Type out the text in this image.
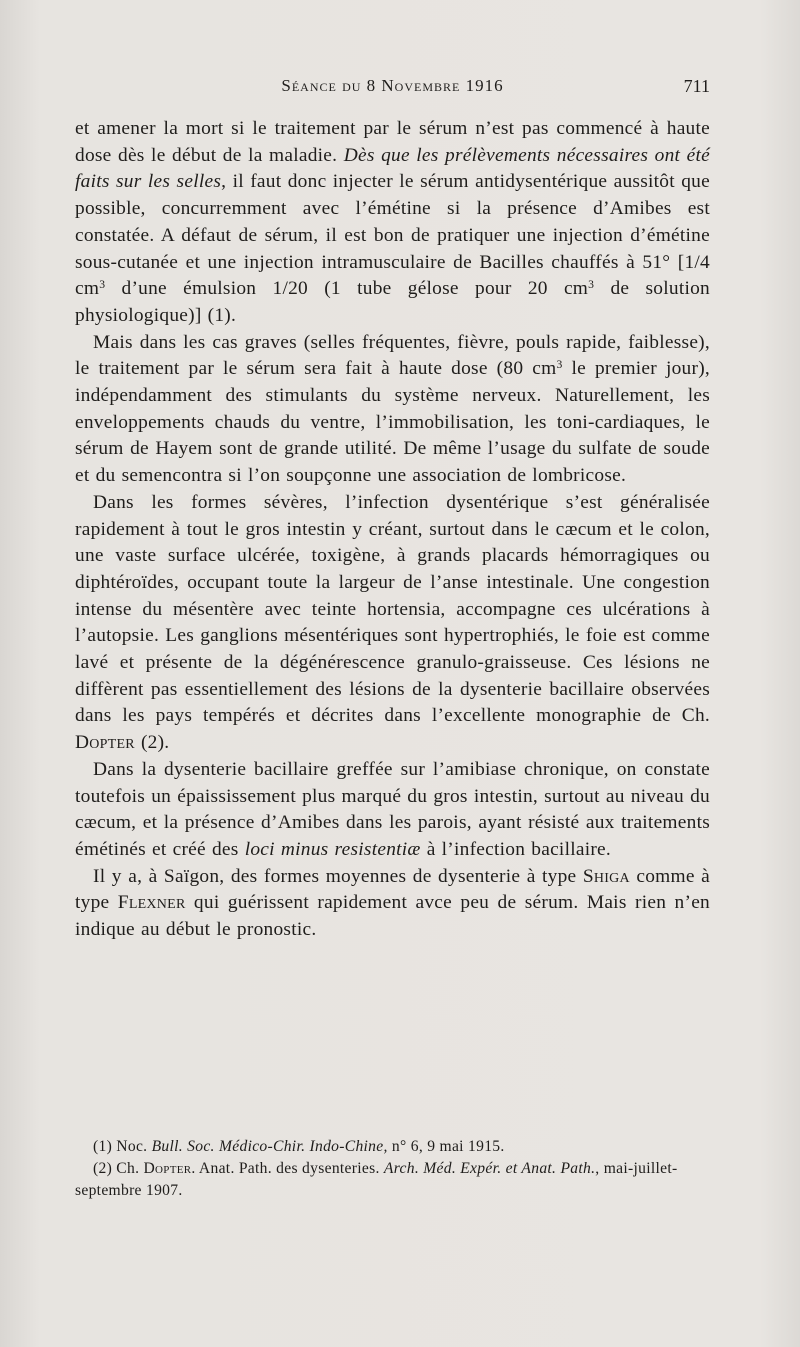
Séance du 8 Novembre 1916	711

et amener la mort si le traitement par le sérum n’est pas commencé à haute dose dès le début de la maladie. Dès que les prélèvements nécessaires ont été faits sur les selles, il faut donc injecter le sérum antidysentérique aussitôt que possible, concurremment avec l’émétine si la présence d’Amibes est constatée. A défaut de sérum, il est bon de pratiquer une injection d’émétine sous-cutanée et une injection intramusculaire de Bacilles chauffés à 51° [1/4 $cm^3$ d’une émulsion 1/20 (1 tube gélose pour 20 $cm^3$ de solution physiologique)] (1).

Mais dans les cas graves (selles fréquentes, fièvre, pouls rapide, faiblesse), le traitement par le sérum sera fait à haute dose (80 $cm^3$ le premier jour), indépendamment des stimulants du système nerveux. Naturellement, les enveloppements chauds du ventre, l’immobilisation, les toni-cardiaques, le sérum de Hayem sont de grande utilité. De même l’usage du sulfate de soude et du semencontra si l’on soupçonne une association de lombricose.

Dans les formes sévères, l’infection dysentérique s’est généralisée rapidement à tout le gros intestin y créant, surtout dans le cæcum et le colon, une vaste surface ulcérée, toxigène, à grands placards hémorragiques ou diphtéroïdes, occupant toute la largeur de l’anse intestinale. Une congestion intense du mésentère avec teinte hortensia, accompagne ces ulcérations à l’autopsie. Les ganglions mésentériques sont hypertrophiés, le foie est comme lavé et présente de la dégénérescence granulo-graisseuse. Ces lésions ne diffèrent pas essentiellement des lésions de la dysenterie bacillaire observées dans les pays tempérés et décrites dans l’excellente monographie de Ch. Dopter (2).

Dans la dysenterie bacillaire greffée sur l’amibiase chronique, on constate toutefois un épaississement plus marqué du gros intestin, surtout au niveau du cæcum, et la présence d’Amibes dans les parois, ayant résisté aux traitements émétinés et créé des loci minus resistentiæ à l’infection bacillaire.

Il y a, à Saïgon, des formes moyennes de dysenterie à type Shiga comme à type Flexner qui guérissent rapidement avce peu de sérum. Mais rien n’en indique au début le pronostic.

(1) Noc. Bull. Soc. Médico-Chir. Indo-Chine, n° 6, 9 mai 1915.

(2) Ch. Dopter. Anat. Path. des dysenteries. Arch. Méd. Expér. et Anat. Path., mai-juillet-septembre 1907.
